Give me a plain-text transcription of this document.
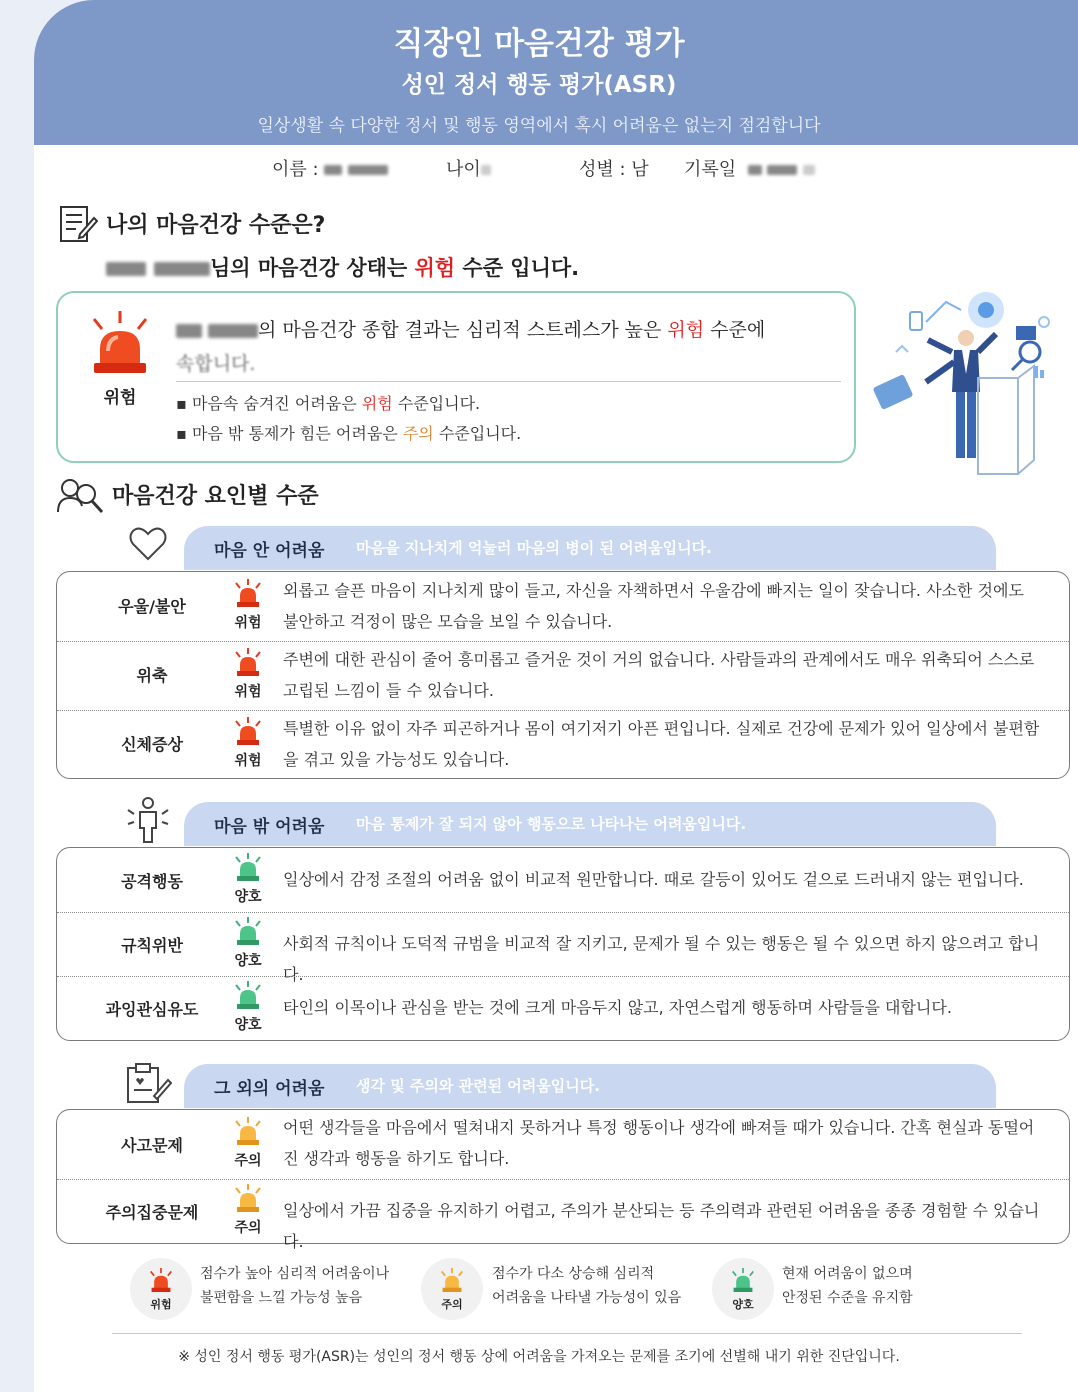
직장인 마음건강 평가
성인 정서 행동 평가(ASR)
일상생활 속 다양한 정서 및 행동 영역에서 혹시 어려움은 없는지 점검합니다
이름 :	나이	성별 : 남 기록일
나의 마음건강 수준은?
님의 마음건강 상태는 위험 수준 입니다.
위험
의 마음건강 종합 결과는 심리적 스트레스가 높은 위험 수준에
속합니다.
▪ 마음속 숨겨진 어려움은 위험 수준입니다.
▪ 마음 밖 통제가 힘든 어려움은 주의 수준입니다.
마음건강 요인별 수준
마음 안 어려움 마음을 지나치게 억눌러 마음의 병이 된 어려움입니다.
우울/불안
위험
외롭고 슬픈 마음이 지나치게 많이 들고, 자신을 자책하면서 우울감에 빠지는 일이 잦습니다. 사소한 것에도 불안하고 걱정이 많은 모습을 보일 수 있습니다.
위축
위험
주변에 대한 관심이 줄어 흥미롭고 즐거운 것이 거의 없습니다. 사람들과의 관계에서도 매우 위축되어 스스로 고립된 느낌이 들 수 있습니다.
신체증상
위험
특별한 이유 없이 자주 피곤하거나 몸이 여기저기 아픈 편입니다. 실제로 건강에 문제가 있어 일상에서 불편함을 겪고 있을 가능성도 있습니다.
마음 밖 어려움 마음 통제가 잘 되지 않아 행동으로 나타나는 어려움입니다.
공격행동
양호
일상에서 감정 조절의 어려움 없이 비교적 원만합니다. 때로 갈등이 있어도 겉으로 드러내지 않는 편입니다.
규칙위반
양호
사회적 규칙이나 도덕적 규범을 비교적 잘 지키고, 문제가 될 수 있는 행동은 될 수 있으면 하지 않으려고 합니다.
과잉관심유도
양호
타인의 이목이나 관심을 받는 것에 크게 마음두지 않고, 자연스럽게 행동하며 사람들을 대합니다.
그 외의 어려움 생각 및 주의와 관련된 어려움입니다.
사고문제
주의
어떤 생각들을 마음에서 떨쳐내지 못하거나 특정 행동이나 생각에 빠져들 때가 있습니다. 간혹 현실과 동떨어진 생각과 행동을 하기도 합니다.
주의집중문제
주의
일상에서 가끔 집중을 유지하기 어렵고, 주의가 분산되는 등 주의력과 관련된 어려움을 종종 경험할 수 있습니다.
위험
점수가 높아 심리적 어려움이나
불편함을 느낄 가능성 높음	주의
점수가 다소 상승해 심리적
어려움을 나타낼 가능성이 있음	양호
현재 어려움이 없으며
안정된 수준을 유지함
※ 성인 정서 행동 평가(ASR)는 성인의 정서 행동 상에 어려움을 가져오는 문제를 조기에 선별해 내기 위한 진단입니다.
